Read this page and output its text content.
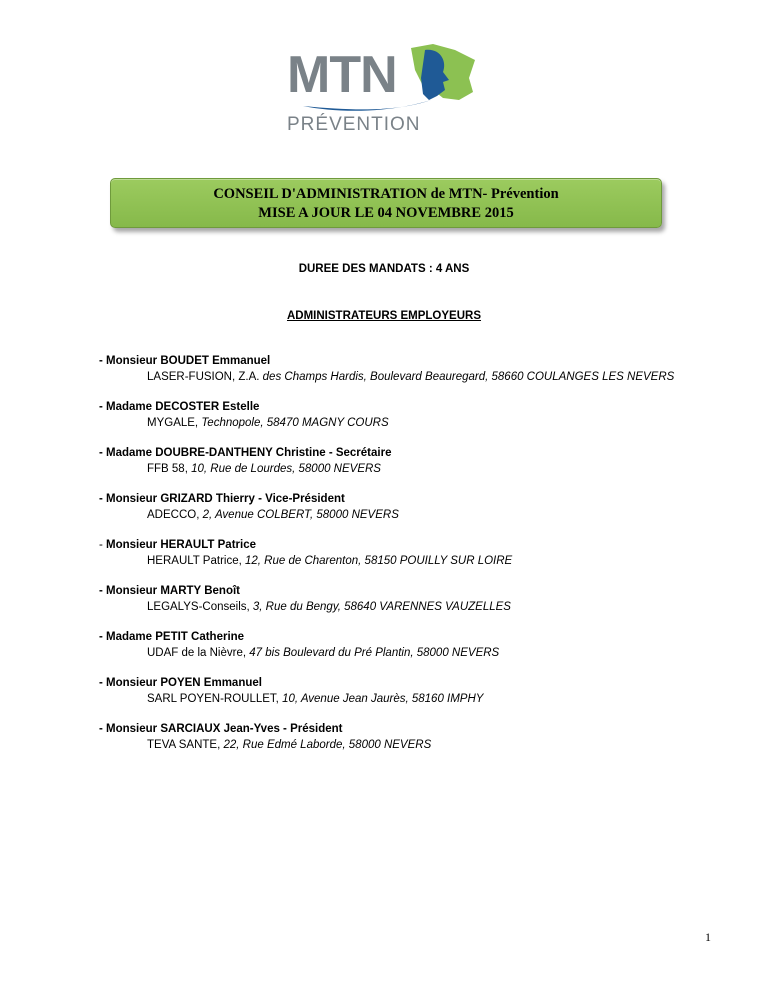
MTN
PRÉVENTION
CONSEIL D'ADMINISTRATION de MTN- Prévention
MISE A JOUR LE 04 NOVEMBRE 2015
DUREE DES MANDATS : 4 ANS
ADMINISTRATEURS EMPLOYEURS
- Monsieur BOUDET Emmanuel
LASER-FUSION, Z.A. des Champs Hardis, Boulevard Beauregard, 58660 COULANGES LES NEVERS
- Madame DECOSTER Estelle
MYGALE, Technopole, 58470 MAGNY COURS
- Madame DOUBRE-DANTHENY Christine - Secrétaire
FFB 58, 10, Rue de Lourdes, 58000 NEVERS
- Monsieur GRIZARD Thierry - Vice-Président
ADECCO, 2, Avenue COLBERT, 58000 NEVERS
- Monsieur HERAULT Patrice
HERAULT Patrice, 12, Rue de Charenton, 58150 POUILLY SUR LOIRE
- Monsieur MARTY Benoît
LEGALYS-Conseils, 3, Rue du Bengy, 58640 VARENNES VAUZELLES
- Madame PETIT Catherine
UDAF de la Nièvre, 47 bis Boulevard du Pré Plantin, 58000 NEVERS
- Monsieur POYEN Emmanuel
SARL POYEN-ROULLET, 10, Avenue Jean Jaurès, 58160 IMPHY
- Monsieur SARCIAUX Jean-Yves - Président
TEVA SANTE, 22, Rue Edmé Laborde, 58000 NEVERS
1
